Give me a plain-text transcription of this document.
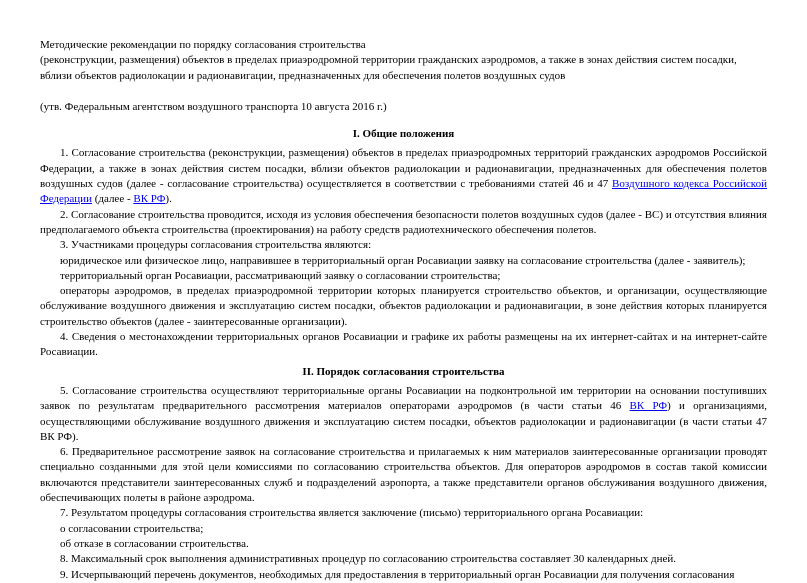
Методические рекомендации по порядку согласования строительства

(реконструкции, размещения) объектов в пределах приаэродромной территории гражданских аэродромов, а также в зонах действия систем посадки,

вблизи объектов радиолокации и радионавигации, предназначенных для обеспечения полетов воздушных судов

(утв. Федеральным агентством воздушного транспорта 10 августа 2016 г.)

I. Общие положения

1. Согласование строительства (реконструкции, размещения) объектов в пределах приаэродромных территорий гражданских аэродромов Российской Федерации, а также в зонах действия систем посадки, вблизи объектов радиолокации и радионавигации, предназначенных для обеспечения полетов воздушных судов (далее - согласование строительства) осуществляется в соответствии с требованиями статей 46 и 47 Воздушного кодекса Российской Федерации (далее - ВК РФ).

2. Согласование строительства проводится, исходя из условия обеспечения безопасности полетов воздушных судов (далее - ВС) и отсутствия влияния предполагаемого объекта строительства (проектирования) на работу средств радиотехнического обеспечения полетов.

3. Участниками процедуры согласования строительства являются:

юридическое или физическое лицо, направившее в территориальный орган Росавиации заявку на согласование строительства (далее - заявитель);

территориальный орган Росавиации, рассматривающий заявку о согласовании строительства;

операторы аэродромов, в пределах приаэродромной территории которых планируется строительство объектов, и организации, осуществляющие обслуживание воздушного движения и эксплуатацию систем посадки, объектов радиолокации и радионавигации, в зоне действия которых планируется строительство объектов (далее - заинтересованные организации).

4. Сведения о местонахождении территориальных органов Росавиации и графике их работы размещены на их интернет-сайтах и на интернет-сайте Росавиации.

II. Порядок согласования строительства

5. Согласование строительства осуществляют территориальные органы Росавиации на подконтрольной им территории на основании поступивших заявок по результатам предварительного рассмотрения материалов операторами аэродромов (в части статьи 46 ВК РФ) и организациями, осуществляющими обслуживание воздушного движения и эксплуатацию систем посадки, объектов радиолокации и радионавигации (в части статьи 47 ВК РФ).

6. Предварительное рассмотрение заявок на согласование строительства и прилагаемых к ним материалов заинтересованные организации проводят специально созданными для этой цели комиссиями по согласованию строительства объектов. Для операторов аэродромов в состав такой комиссии включаются представители заинтересованных служб и подразделений аэропорта, а также представители органов обслуживания воздушного движения, обеспечивающих полеты в районе аэродрома.

7. Результатом процедуры согласования строительства является заключение (письмо) территориального органа Росавиации:

о согласовании строительства;

об отказе в согласовании строительства.

8. Максимальный срок выполнения административных процедур по согласованию строительства составляет 30 календарных дней.

9. Исчерпывающий перечень документов, необходимых для предоставления в территориальный орган Росавиации для получения согласования
